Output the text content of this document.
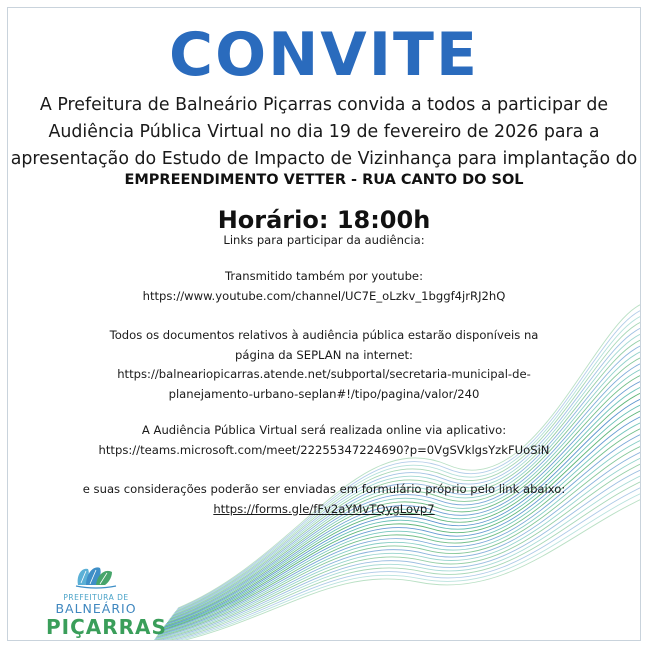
CONVITE
A Prefeitura de Balneário Piçarras convida a todos a participar de
Audiência Pública Virtual no dia 19 de fevereiro de 2026 para a
apresentação do Estudo de Impacto de Vizinhança para implantação do
EMPREENDIMENTO VETTER - RUA CANTO DO SOL
Horário: 18:00h
Links para participar da audiência:
Transmitido também por youtube:
https://www.youtube.com/channel/UC7E_oLzkv_1bggf4jrRJ2hQ
Todos os documentos relativos à audiência pública estarão disponíveis na
página da SEPLAN na internet:
https://balneariopicarras.atende.net/subportal/secretaria-municipal-de-
planejamento-urbano-seplan#!/tipo/pagina/valor/240
A Audiência Pública Virtual será realizada online via aplicativo:
https://teams.microsoft.com/meet/22255347224690?p=0VgSVklgsYzkFUoSiN
e suas considerações poderão ser enviadas em formulário próprio pelo link abaixo:
https://forms.gle/fFv2aYMvTQygLovp7
PREFEITURA DE
BALNEÁRIO
PIÇARRAS
